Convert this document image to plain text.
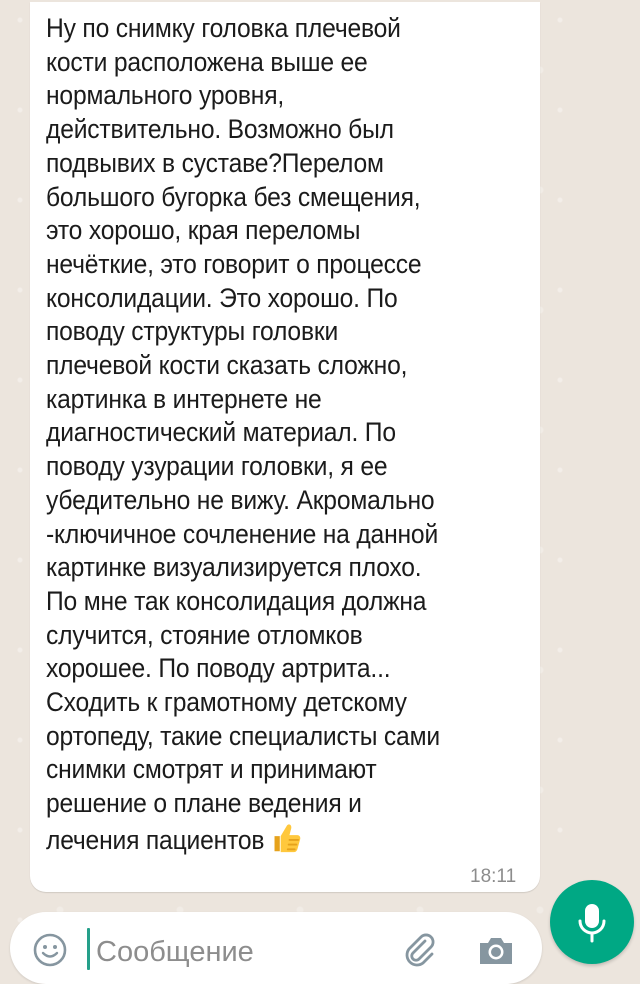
Ну по снимку головка плечевой
кости расположена выше ее
нормального уровня,
действительно. Возможно был
подвывих в суставе?Перелом
большого бугорка без смещения,
это хорошо, края переломы
нечёткие, это говорит о процессе
консолидации. Это хорошо. По
поводу структуры головки
плечевой кости сказать сложно,
картинка в интернете не
диагностический материал. По
поводу узурации головки, я ее
убедительно не вижу. Акромально
-ключичное сочленение на данной
картинке визуализируется плохо.
По мне так консолидация должна
случится, стояние отломков
хорошее. По поводу артрита...
Сходить к грамотному детскому
ортопеду, такие специалисты сами
снимки смотрят и принимают
решение о плане ведения и
лечения пациентов
18:11
Сообщение
